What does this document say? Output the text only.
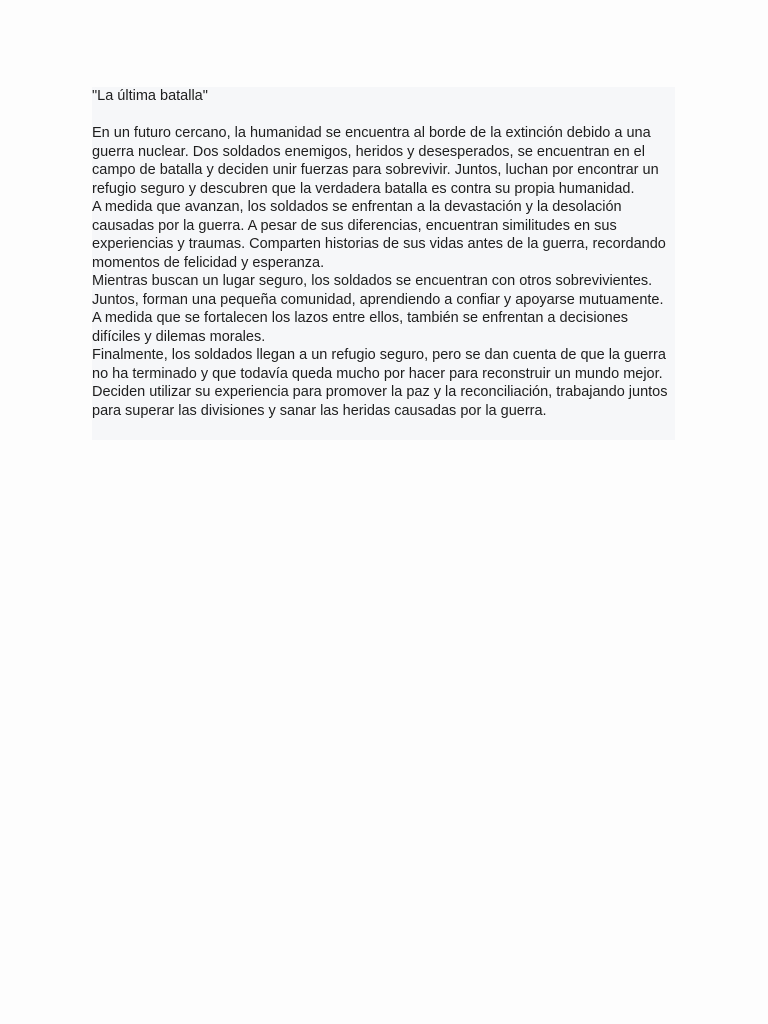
"La última batalla"

En un futuro cercano, la humanidad se encuentra al borde de la extinción debido a una guerra nuclear. Dos soldados enemigos, heridos y desesperados, se encuentran en el campo de batalla y deciden unir fuerzas para sobrevivir. Juntos, luchan por encontrar un refugio seguro y descubren que la verdadera batalla es contra su propia humanidad.

A medida que avanzan, los soldados se enfrentan a la devastación y la desolación causadas por la guerra. A pesar de sus diferencias, encuentran similitudes en sus experiencias y traumas. Comparten historias de sus vidas antes de la guerra, recordando momentos de felicidad y esperanza.

Mientras buscan un lugar seguro, los soldados se encuentran con otros sobrevivientes. Juntos, forman una pequeña comunidad, aprendiendo a confiar y apoyarse mutuamente. A medida que se fortalecen los lazos entre ellos, también se enfrentan a decisiones difíciles y dilemas morales.

Finalmente, los soldados llegan a un refugio seguro, pero se dan cuenta de que la guerra no ha terminado y que todavía queda mucho por hacer para reconstruir un mundo mejor. Deciden utilizar su experiencia para promover la paz y la reconciliación, trabajando juntos para superar las divisiones y sanar las heridas causadas por la guerra.
